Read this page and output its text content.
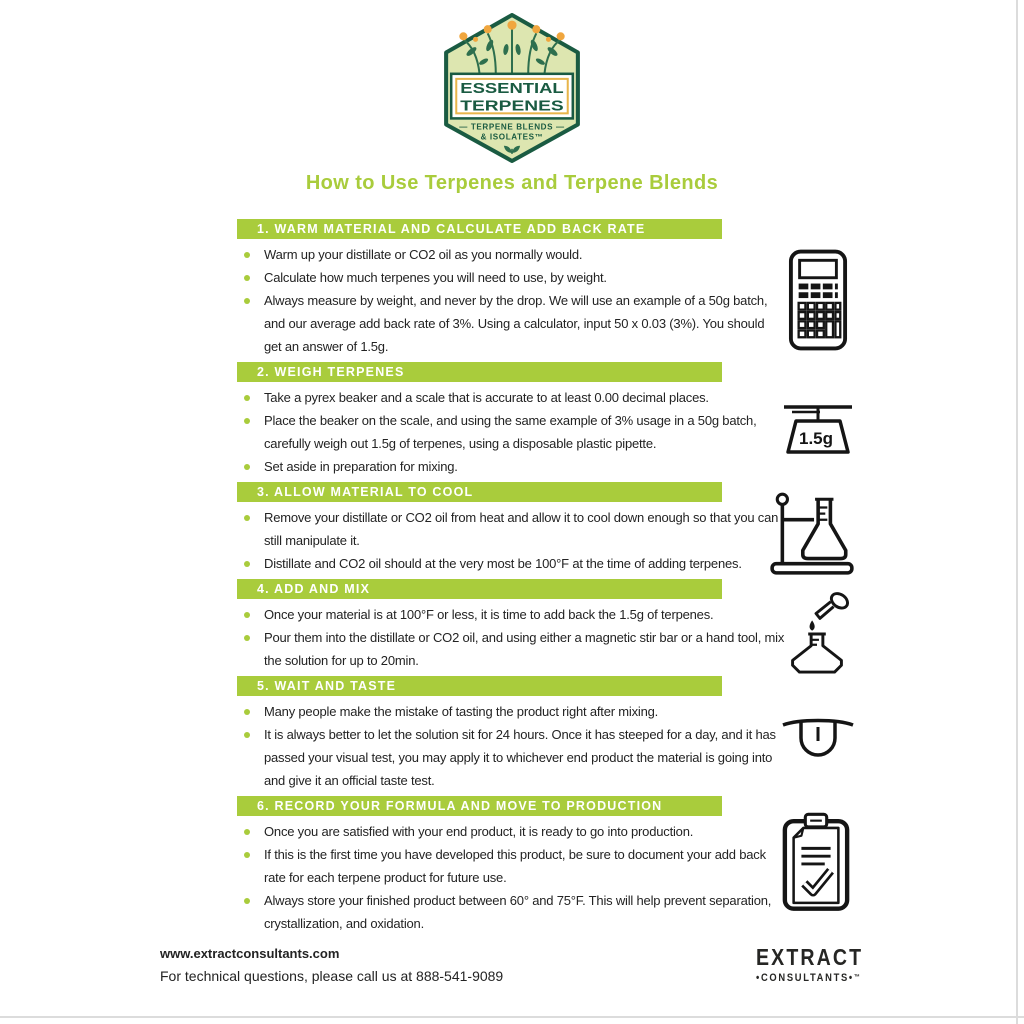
ESSENTIAL
TERPENES
— TERPENE BLENDS —
& ISOLATES™
How to Use Terpenes and Terpene Blends
1. WARM MATERIAL AND CALCULATE ADD BACK RATE
Warm up your distillate or CO2 oil as you normally would.
Calculate how much terpenes you will need to use, by weight.
Always measure by weight, and never by the drop. We will use an example of a 50g batch, and our average add back rate of 3%. Using a calculator, input 50 x 0.03 (3%). You should get an answer of 1.5g.
2. WEIGH TERPENES
Take a pyrex beaker and a scale that is accurate to at least 0.00 decimal places.
Place the beaker on the scale, and using the same example of 3% usage in a 50g batch, carefully weigh out 1.5g of terpenes, using a disposable plastic pipette.
Set aside in preparation for mixing.
3. ALLOW MATERIAL TO COOL
Remove your distillate or CO2 oil from heat and allow it to cool down enough so that you can still manipulate it.
Distillate and CO2 oil should at the very most be 100°F at the time of adding terpenes.
4. ADD AND MIX
Once your material is at 100°F or less, it is time to add back the 1.5g of terpenes.
Pour them into the distillate or CO2 oil, and using either a magnetic stir bar or a hand tool, mix the solution for up to 20min.
5. WAIT AND TASTE
Many people make the mistake of tasting the product right after mixing.
It is always better to let the solution sit for 24 hours. Once it has steeped for a day, and it has passed your visual test, you may apply it to whichever end product the material is going into and give it an official taste test.
6. RECORD YOUR FORMULA AND MOVE TO PRODUCTION
Once you are satisfied with your end product, it is ready to go into production.
If this is the first time you have developed this product, be sure to document your add back rate for each terpene product for future use.
Always store your finished product between 60° and 75°F. This will help prevent separation, crystallization, and oxidation.
1.5g
www.extractconsultants.com
For technical questions, please call us at 888-541-9089
EXTRACT
•CONSULTANTS•™
